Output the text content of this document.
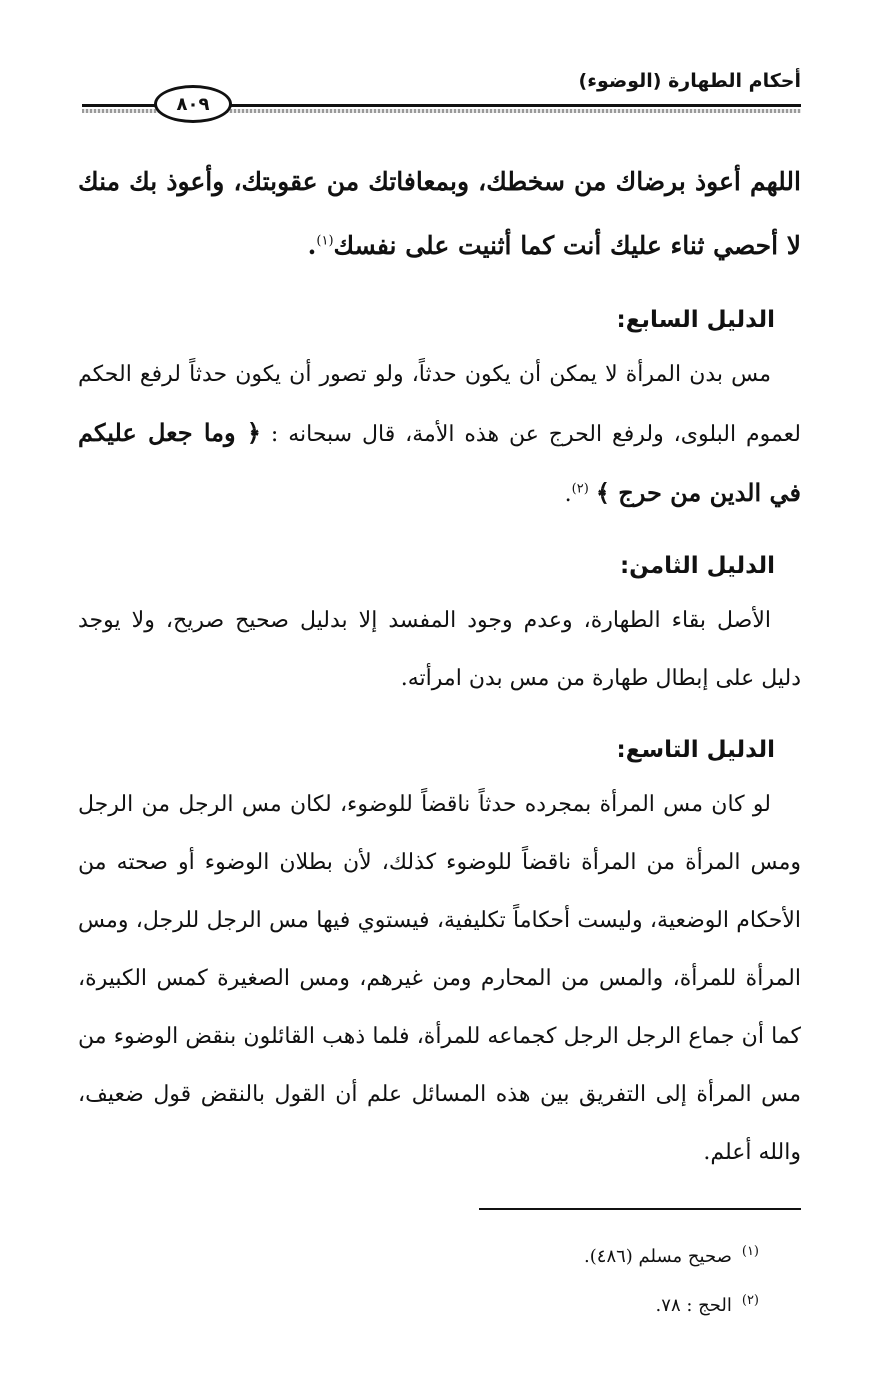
أحكام الطهارة (الوضوء)
٨٠٩

اللهم أعوذ برضاك من سخطك، وبمعافاتك من عقوبتك، وأعوذ بك منك لا أحصي ثناء عليك أنت كما أثنيت على نفسك$^{(١)}$.

الدليل السابع:

مس بدن المرأة لا يمكن أن يكون حدثاً، ولو تصور أن يكون حدثاً لرفع الحكم لعموم البلوى، ولرفع الحرج عن هذه الأمة، قال سبحانه : ﴿ وما جعل عليكم في الدين من حرج ﴾ $^{(٢)}$.

الدليل الثامن:

الأصل بقاء الطهارة، وعدم وجود المفسد إلا بدليل صحيح صريح، ولا يوجد دليل على إبطال طهارة من مس بدن امرأته.

الدليل التاسع:

لو كان مس المرأة بمجرده حدثاً ناقضاً للوضوء، لكان مس الرجل من الرجل ومس المرأة من المرأة ناقضاً للوضوء كذلك، لأن بطلان الوضوء أو صحته من الأحكام الوضعية، وليست أحكاماً تكليفية، فيستوي فيها مس الرجل للرجل، ومس المرأة للمرأة، والمس من المحارم ومن غيرهم، ومس الصغيرة كمس الكبيرة، كما أن جماع الرجل الرجل كجماعه للمرأة، فلما ذهب القائلون بنقض الوضوء من مس المرأة إلى التفريق بين هذه المسائل علم أن القول بالنقض قول ضعيف، والله أعلم.

$^{(١)}$صحيح مسلم (٤٨٦).
$^{(٢)}$الحج : ٧٨.
